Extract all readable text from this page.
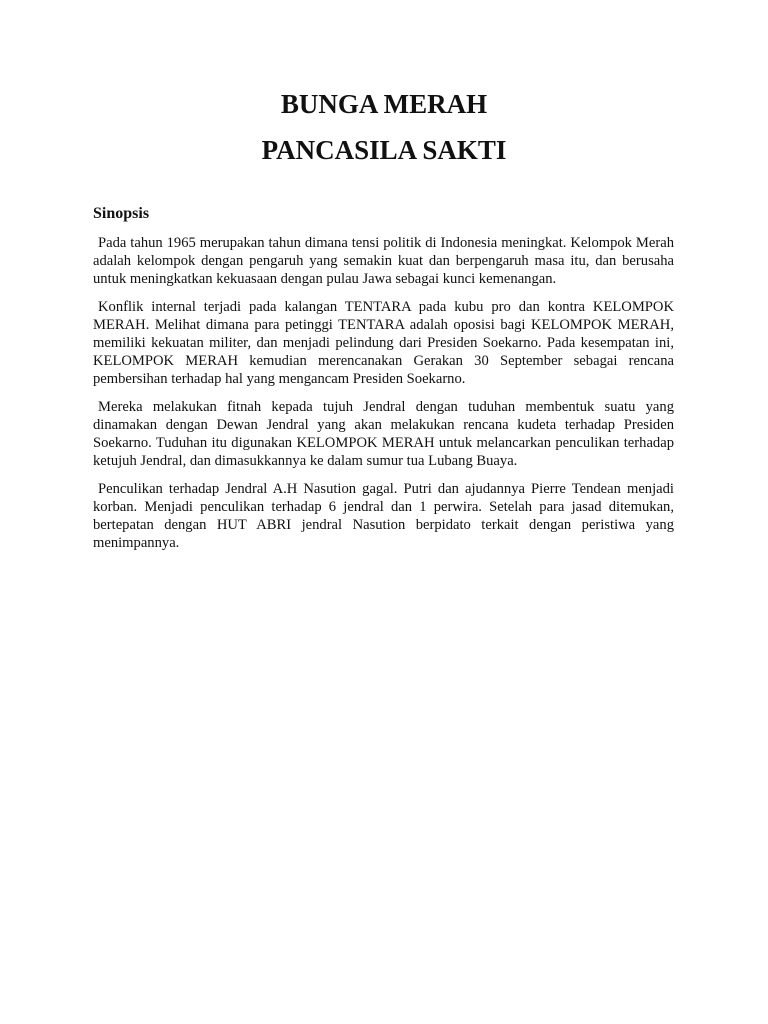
BUNGA MERAH
PANCASILA SAKTI
Sinopsis

Pada tahun 1965 merupakan tahun dimana tensi politik di Indonesia meningkat. Kelompok Merah adalah kelompok dengan pengaruh yang semakin kuat dan berpengaruh masa itu, dan berusaha untuk meningkatkan kekuasaan dengan pulau Jawa sebagai kunci kemenangan.

Konflik internal terjadi pada kalangan TENTARA pada kubu pro dan kontra KELOMPOK MERAH. Melihat dimana para petinggi TENTARA adalah oposisi bagi KELOMPOK MERAH, memiliki kekuatan militer, dan menjadi pelindung dari Presiden Soekarno. Pada kesempatan ini, KELOMPOK MERAH kemudian merencanakan Gerakan 30 September sebagai rencana pembersihan terhadap hal yang mengancam Presiden Soekarno.

Mereka melakukan fitnah kepada tujuh Jendral dengan tuduhan membentuk suatu yang dinamakan dengan Dewan Jendral yang akan melakukan rencana kudeta terhadap Presiden Soekarno. Tuduhan itu digunakan KELOMPOK MERAH untuk melancarkan penculikan terhadap ketujuh Jendral, dan dimasukkannya ke dalam sumur tua Lubang Buaya.

Penculikan terhadap Jendral A.H Nasution gagal. Putri dan ajudannya Pierre Tendean menjadi korban. Menjadi penculikan terhadap 6 jendral dan 1 perwira. Setelah para jasad ditemukan, bertepatan dengan HUT ABRI jendral Nasution berpidato terkait dengan peristiwa yang menimpannya.
